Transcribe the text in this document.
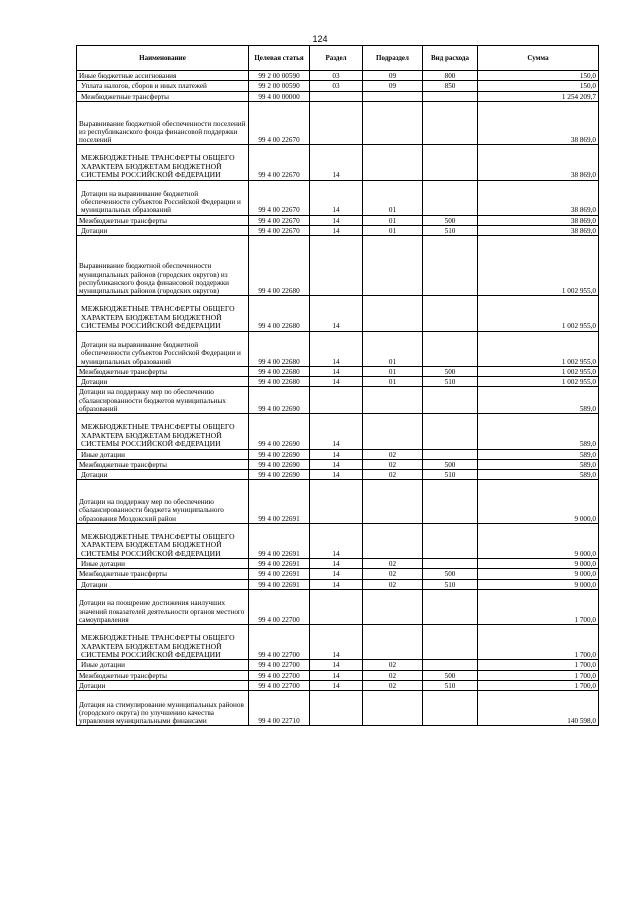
124
Наименование	Целевая статья	Раздел	Подраздел	Вид расхода	Сумма
Иные бюджетные ассигнования	99 2 00 00590	03	09	800	150,0
Уплата налогов, сборов и иных платежей	99 2 00 00590	03	09	850	150,0
Межбюджетные трансферты	99 4 00 00000				1 254 209,7
Выравнивание бюджетной обеспеченности поселений из республиканского фонда финансовой поддержки поселений	99 4 00 22670				38 869,0
МЕЖБЮДЖЕТНЫЕ ТРАНСФЕРТЫ ОБЩЕГО ХАРАКТЕРА БЮДЖЕТАМ БЮДЖЕТНОЙ СИСТЕМЫ РОССИЙСКОЙ ФЕДЕРАЦИИ	99 4 00 22670	14			38 869,0
Дотации на выравнивание бюджетной обеспеченности субъектов Российской Федерации и муниципальных образований	99 4 00 22670	14	01		38 869,0
Межбюджетные трансферты	99 4 00 22670	14	01	500	38 869,0
Дотации	99 4 00 22670	14	01	510	38 869,0
Выравнивание бюджетной обеспеченности муниципальных районов (городских округов) из республиканского фонда финансовой поддержки муниципальных районов (городских округов)	99 4 00 22680				1 002 955,0
МЕЖБЮДЖЕТНЫЕ ТРАНСФЕРТЫ ОБЩЕГО ХАРАКТЕРА БЮДЖЕТАМ БЮДЖЕТНОЙ СИСТЕМЫ РОССИЙСКОЙ ФЕДЕРАЦИИ	99 4 00 22680	14			1 002 955,0
Дотации на выравнивание бюджетной обеспеченности субъектов Российской Федерации и муниципальных образований	99 4 00 22680	14	01		1 002 955,0
Межбюджетные трансферты	99 4 00 22680	14	01	500	1 002 955,0
Дотации	99 4 00 22680	14	01	510	1 002 955,0
Дотации на поддержку мер по обеспечению сбалансированности бюджетов муниципальных образований	99 4 00 22690				589,0
МЕЖБЮДЖЕТНЫЕ ТРАНСФЕРТЫ ОБЩЕГО ХАРАКТЕРА БЮДЖЕТАМ БЮДЖЕТНОЙ СИСТЕМЫ РОССИЙСКОЙ ФЕДЕРАЦИИ	99 4 00 22690	14			589,0
Иные дотации	99 4 00 22690	14	02		589,0
Межбюджетные трансферты	99 4 00 22690	14	02	500	589,0
Дотации	99 4 00 22690	14	02	510	589,0
Дотации на поддержку мер по обеспечению сбалансированности бюджета муниципального образования Моздокский район	99 4 00 22691				9 000,0
МЕЖБЮДЖЕТНЫЕ ТРАНСФЕРТЫ ОБЩЕГО ХАРАКТЕРА БЮДЖЕТАМ БЮДЖЕТНОЙ СИСТЕМЫ РОССИЙСКОЙ ФЕДЕРАЦИИ	99 4 00 22691	14			9 000,0
Иные дотации	99 4 00 22691	14	02		9 000,0
Межбюджетные трансферты	99 4 00 22691	14	02	500	9 000,0
Дотации	99 4 00 22691	14	02	510	9 000,0
Дотации на поощрение достижения наилучших значений показателей деятельности органов местного самоуправления	99 4 00 22700				1 700,0
МЕЖБЮДЖЕТНЫЕ ТРАНСФЕРТЫ ОБЩЕГО ХАРАКТЕРА БЮДЖЕТАМ БЮДЖЕТНОЙ СИСТЕМЫ РОССИЙСКОЙ ФЕДЕРАЦИИ	99 4 00 22700	14			1 700,0
Иные дотации	99 4 00 22700	14	02		1 700,0
Межбюджетные трансферты	99 4 00 22700	14	02	500	1 700,0
Дотации	99 4 00 22700	14	02	510	1 700,0
Дотация на стимулирование муниципальных районов (городского округа) по улучшению качества управления муниципальными финансами	99 4 00 22710				140 598,0
